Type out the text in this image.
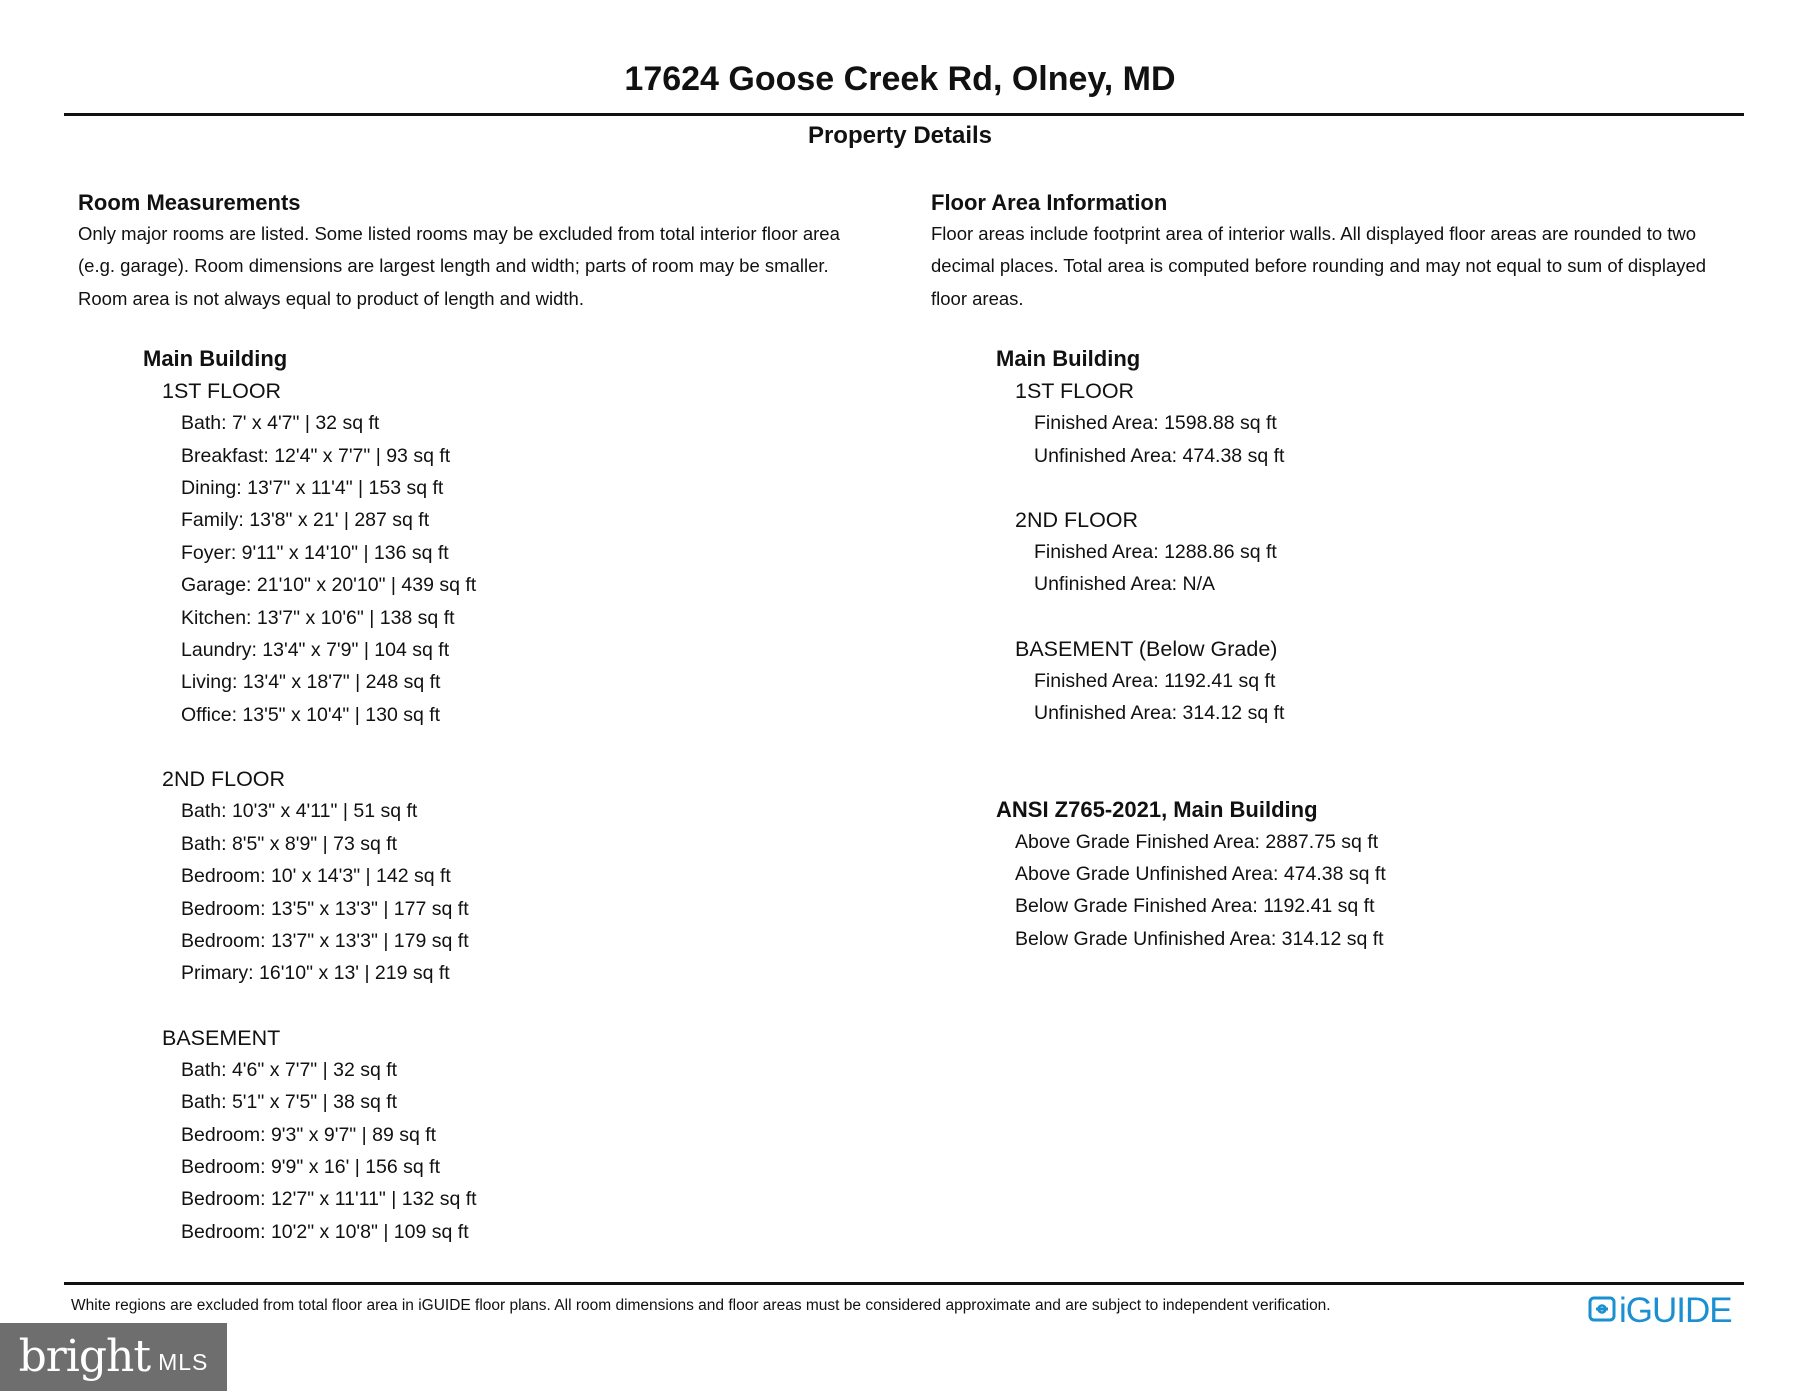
17624 Goose Creek Rd, Olney, MD
Property Details

Room Measurements

Only major rooms are listed. Some listed rooms may be excluded from total interior floor area

(e.g. garage). Room dimensions are largest length and width; parts of room may be smaller.

Room area is not always equal to product of length and width.

Main Building

1ST FLOOR

Bath: 7' x 4'7" | 32 sq ft

Breakfast: 12'4" x 7'7" | 93 sq ft

Dining: 13'7" x 11'4" | 153 sq ft

Family: 13'8" x 21' | 287 sq ft

Foyer: 9'11" x 14'10" | 136 sq ft

Garage: 21'10" x 20'10" | 439 sq ft

Kitchen: 13'7" x 10'6" | 138 sq ft

Laundry: 13'4" x 7'9" | 104 sq ft

Living: 13'4" x 18'7" | 248 sq ft

Office: 13'5" x 10'4" | 130 sq ft

2ND FLOOR

Bath: 10'3" x 4'11" | 51 sq ft

Bath: 8'5" x 8'9" | 73 sq ft

Bedroom: 10' x 14'3" | 142 sq ft

Bedroom: 13'5" x 13'3" | 177 sq ft

Bedroom: 13'7" x 13'3" | 179 sq ft

Primary: 16'10" x 13' | 219 sq ft

BASEMENT

Bath: 4'6" x 7'7" | 32 sq ft

Bath: 5'1" x 7'5" | 38 sq ft

Bedroom: 9'3" x 9'7" | 89 sq ft

Bedroom: 9'9" x 16' | 156 sq ft

Bedroom: 12'7" x 11'11" | 132 sq ft

Bedroom: 10'2" x 10'8" | 109 sq ft

Floor Area Information

Floor areas include footprint area of interior walls. All displayed floor areas are rounded to two

decimal places. Total area is computed before rounding and may not equal to sum of displayed

floor areas.

Main Building

1ST FLOOR

Finished Area: 1598.88 sq ft

Unfinished Area: 474.38 sq ft

2ND FLOOR

Finished Area: 1288.86 sq ft

Unfinished Area: N/A

BASEMENT (Below Grade)

Finished Area: 1192.41 sq ft

Unfinished Area: 314.12 sq ft

ANSI Z765-2021, Main Building

Above Grade Finished Area: 2887.75 sq ft

Above Grade Unfinished Area: 474.38 sq ft

Below Grade Finished Area: 1192.41 sq ft

Below Grade Unfinished Area: 314.12 sq ft

White regions are excluded from total floor area in iGUIDE floor plans. All room dimensions and floor areas must be considered approximate and are subject to independent verification.	iGUIDE
bright MLS
